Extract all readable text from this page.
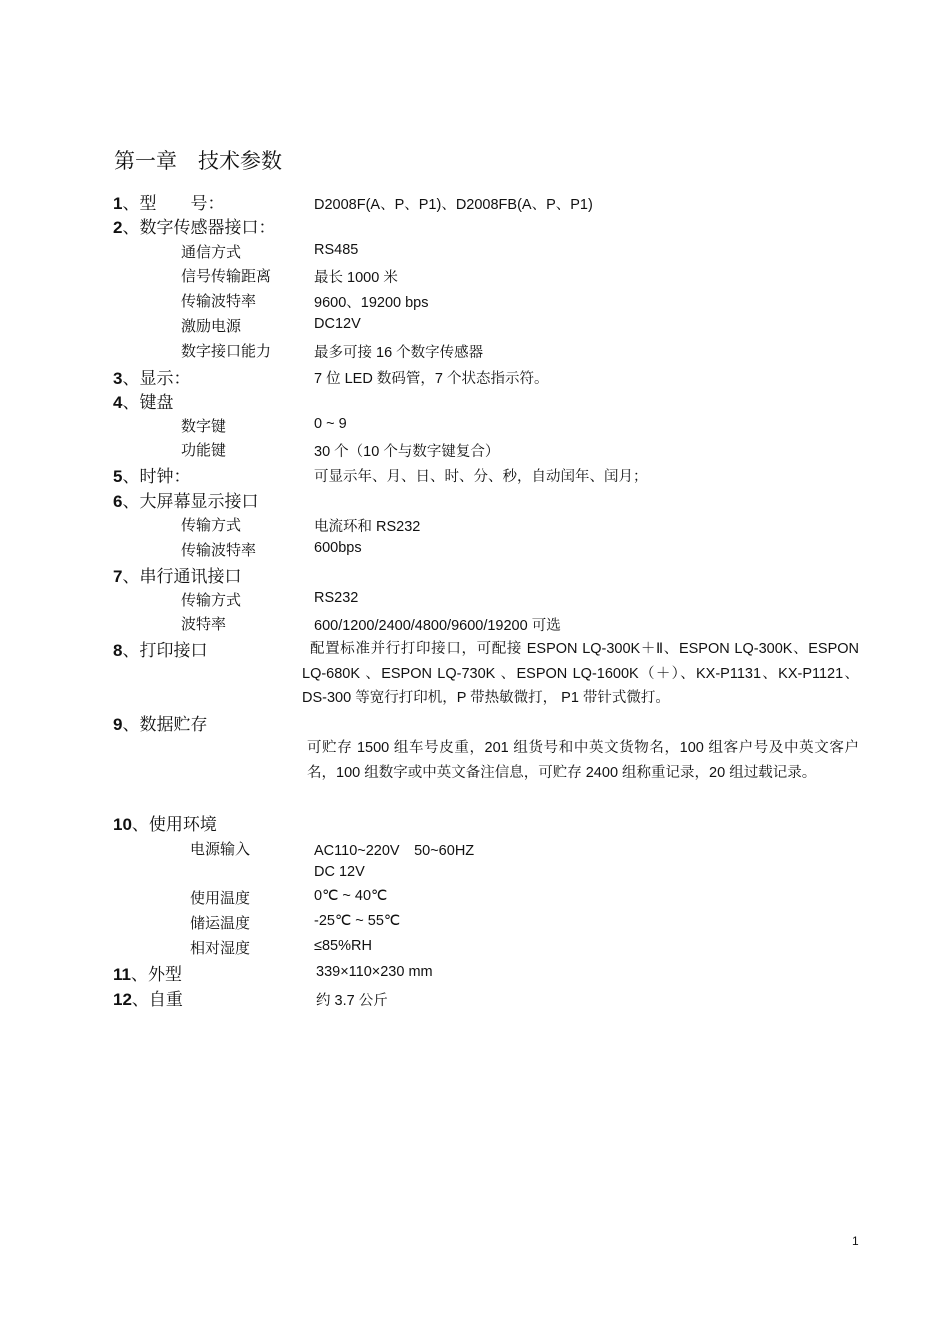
第一章　技术参数
1、型　　号：	D2008F(A、P、P1)、D2008FB(A、P、P1)
2、数字传感器接口：
通信方式	RS485
信号传输距离	最长 1000 米
传输波特率	9600、19200 bps
激励电源	DC12V
数字接口能力	最多可接 16 个数字传感器
3、显示：	7 位 LED 数码管，7 个状态指示符。
4、键盘
数字键	0 ~ 9
功能键	30 个（10 个与数字键复合）
5、时钟：	可显示年、月、日、时、分、秒，自动闰年、闰月；
6、大屏幕显示接口
传输方式	电流环和 RS232
传输波特率	600bps
7、串行通讯接口
传输方式	RS232
波特率	600/1200/2400/4800/9600/19200 可选
8、打印接口	配置标准并行打印接口，可配接 ESPON LQ-300K＋Ⅱ、ESPON LQ-300K、ESPON LQ-680K 、ESPON LQ-730K 、ESPON LQ-1600K（＋）、KX-P1131、KX-P1121、DS-300 等宽行打印机，P 带热敏微打， P1 带针式微打。
9、数据贮存
可贮存 1500 组车号皮重，201 组货号和中英文货物名，100 组客户号及中英文客户名，100 组数字或中英文备注信息，可贮存 2400 组称重记录，20 组过载记录。
10、使用环境
电源输入	AC110~220V　50~60HZ
DC 12V
使用温度	0℃ ~ 40℃
储运温度	-25℃ ~ 55℃
相对湿度	≤85%RH
11、外型	339×110×230 mm
12、自重	约 3.7 公斤
1
